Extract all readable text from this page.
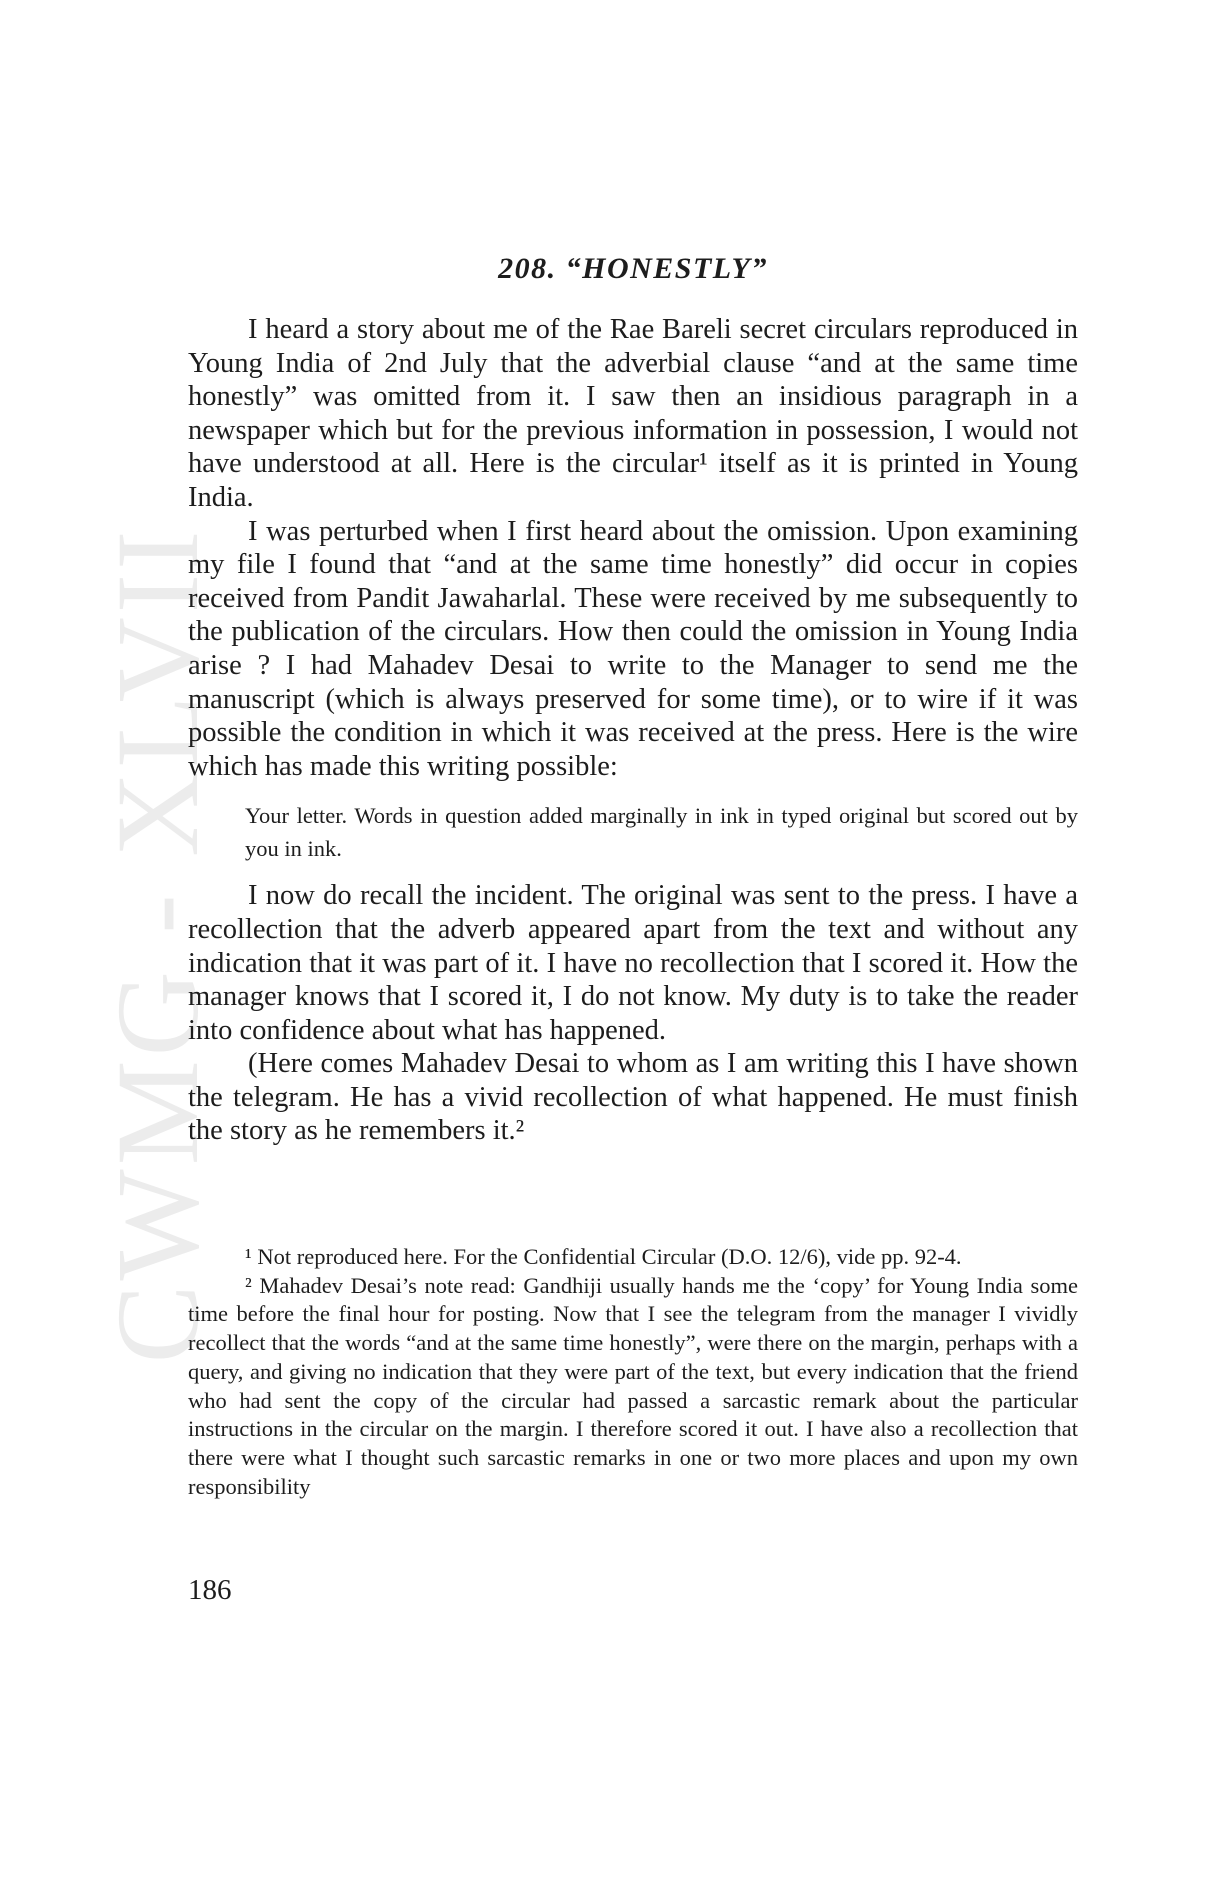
CWMG - XLVII
208. “HONESTLY”

I heard a story about me of the Rae Bareli secret circulars reproduced in Young India of 2nd July that the adverbial clause “and at the same time honestly” was omitted from it. I saw then an insidious paragraph in a newspaper which but for the previous information in possession, I would not have understood at all. Here is the circular¹ itself as it is printed in Young India.

I was perturbed when I first heard about the omission. Upon examining my file I found that “and at the same time honestly” did occur in copies received from Pandit Jawaharlal. These were received by me subsequently to the publication of the circulars. How then could the omission in Young India arise ? I had Mahadev Desai to write to the Manager to send me the manuscript (which is always preserved for some time), or to wire if it was possible the condition in which it was received at the press. Here is the wire which has made this writing possible:

Your letter. Words in question added marginally in ink in typed original but scored out by you in ink.

I now do recall the incident. The original was sent to the press. I have a recollection that the adverb appeared apart from the text and without any indication that it was part of it. I have no recollection that I scored it. How the manager knows that I scored it, I do not know. My duty is to take the reader into confidence about what has happened.

(Here comes Mahadev Desai to whom as I am writing this I have shown the telegram. He has a vivid recollection of what happened. He must finish the story as he remembers it.²

¹ Not reproduced here. For the Confidential Circular (D.O. 12/6), vide pp. 92-4.

² Mahadev Desai’s note read: Gandhiji usually hands me the ‘copy’ for Young India some time before the final hour for posting. Now that I see the telegram from the manager I vividly recollect that the words “and at the same time honestly”, were there on the margin, perhaps with a query, and giving no indication that they were part of the text, but every indication that the friend who had sent the copy of the circular had passed a sarcastic remark about the particular instructions in the circular on the margin. I therefore scored it out. I have also a recollection that there were what I thought such sarcastic remarks in one or two more places and upon my own responsibility

186
